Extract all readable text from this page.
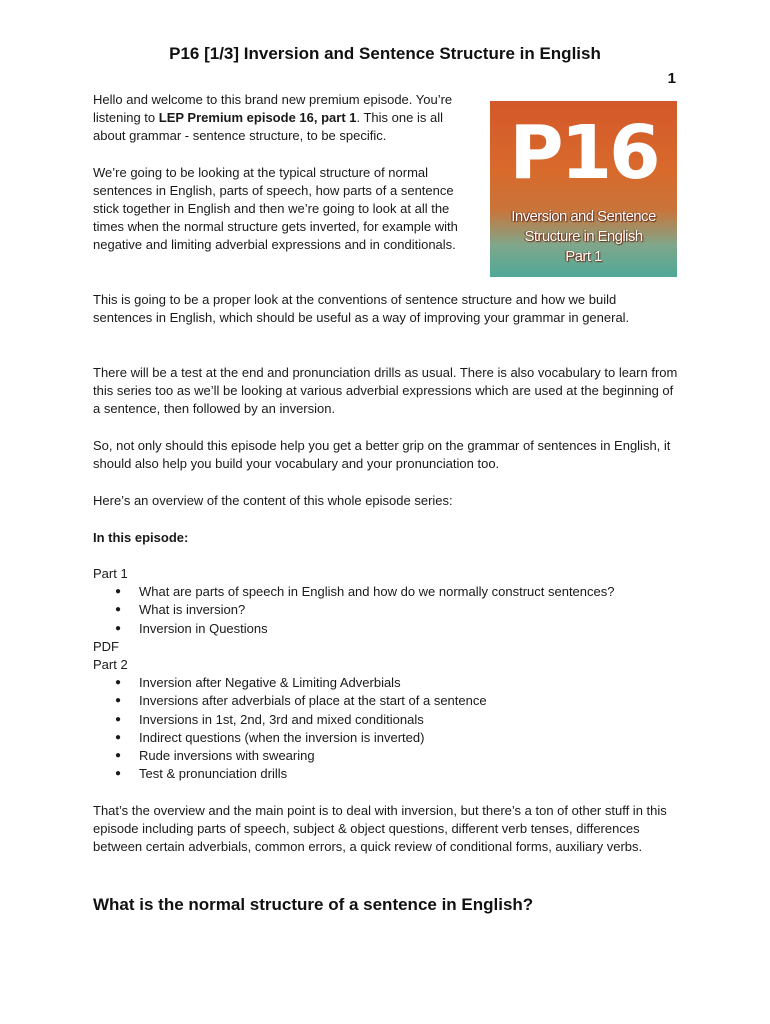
P16 [1/3] Inversion and Sentence Structure in English
1

Hello and welcome to this brand new premium episode. You’re listening to LEP Premium episode 16, part 1. This one is all about grammar - sentence structure, to be specific.

We’re going to be looking at the typical structure of normal sentences in English, parts of speech, how parts of a sentence stick together in English and then we’re going to look at all the times when the normal structure gets inverted, for example with negative and limiting adverbial expressions and in conditionals.

P16
Inversion and Sentence
Structure in English
Part 1
This is going to be a proper look at the conventions of sentence structure and how we build sentences in English, which should be useful as a way of improving your grammar in general.
There will be a test at the end and pronunciation drills as usual. There is also vocabulary to learn from this series too as we’ll be looking at various adverbial expressions which are used at the beginning of a sentence, then followed by an inversion.
So, not only should this episode help you get a better grip on the grammar of sentences in English, it should also help you build your vocabulary and your pronunciation too.
Here’s an overview of the content of this whole episode series:
In this episode:
Part 1
● What are parts of speech in English and how do we normally construct sentences?
● What is inversion?
● Inversion in Questions
PDF
Part 2
● Inversion after Negative & Limiting Adverbials
● Inversions after adverbials of place at the start of a sentence
● Inversions in 1st, 2nd, 3rd and mixed conditionals
● Indirect questions (when the inversion is inverted)
● Rude inversions with swearing
● Test & pronunciation drills
That’s the overview and the main point is to deal with inversion, but there’s a ton of other stuff in this episode including parts of speech, subject & object questions, different verb tenses, differences between certain adverbials, common errors, a quick review of conditional forms, auxiliary verbs.
What is the normal structure of a sentence in English?
